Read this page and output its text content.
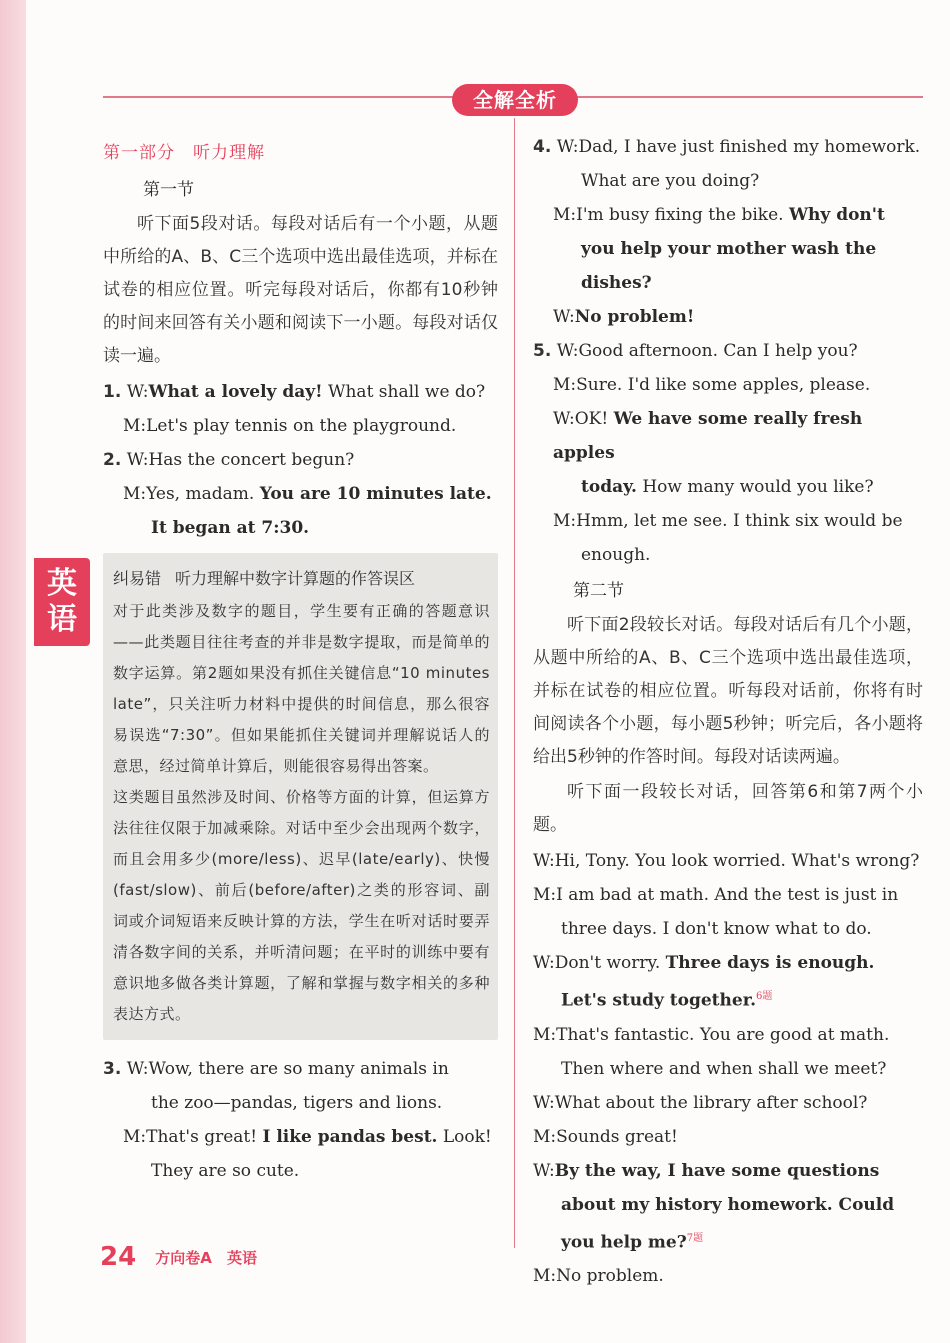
英
语
全解全析
第一部分 听力理解
第一节

听下面5段对话。每段对话后有一个小题，从题中所给的A、B、C三个选项中选出最佳选项，并标在试卷的相应位置。听完每段对话后，你都有10秒钟的时间来回答有关小题和阅读下一小题。每段对话仅读一遍。

1. W:What a lovely day! What shall we do?

M:Let's play tennis on the playground.

2. W:Has the concert begun?

M:Yes, madam. You are 10 minutes late.

It began at 7:30.

纠易错 听力理解中数字计算题的作答误区

对于此类涉及数字的题目，学生要有正确的答题意识——此类题目往往考查的并非是数字提取，而是简单的数字运算。第2题如果没有抓住关键信息“10 minutes late”，只关注听力材料中提供的时间信息，那么很容易误选“7:30”。但如果能抓住关键词并理解说话人的意思，经过简单计算后，则能很容易得出答案。

这类题目虽然涉及时间、价格等方面的计算，但运算方法往往仅限于加减乘除。对话中至少会出现两个数字，而且会用多少(more/less)、迟早(late/early)、快慢(fast/slow)、前后(before/after)之类的形容词、副词或介词短语来反映计算的方法，学生在听对话时要弄清各数字间的关系，并听清问题；在平时的训练中要有意识地多做各类计算题，了解和掌握与数字相关的多种表达方式。

3. W:Wow, there are so many animals in

the zoo—pandas, tigers and lions.

M:That's great! I like pandas best. Look!

They are so cute.

4. W:Dad, I have just finished my homework.

What are you doing?

M:I'm busy fixing the bike. Why don't

you help your mother wash the dishes?

W:No problem!

5. W:Good afternoon. Can I help you?

M:Sure. I'd like some apples, please.

W:OK! We have some really fresh apples

today. How many would you like?

M:Hmm, let me see. I think six would be

enough.

第二节

听下面2段较长对话。每段对话后有几个小题，从题中所给的A、B、C三个选项中选出最佳选项，并标在试卷的相应位置。听每段对话前，你将有时间阅读各个小题，每小题5秒钟；听完后，各小题将给出5秒钟的作答时间。每段对话读两遍。

听下面一段较长对话，回答第6和第7两个小题。

W:Hi, Tony. You look worried. What's wrong?

M:I am bad at math. And the test is just in three days. I don't know what to do.

W:Don't worry. Three days is enough. Let's study together.$^{6题}$

M:That's fantastic. You are good at math. Then where and when shall we meet?

W:What about the library after school?

M:Sounds great!

W:By the way, I have some questions about my history homework. Could you help me?$^{7题}$

M:No problem.

24 方向卷A 英语
